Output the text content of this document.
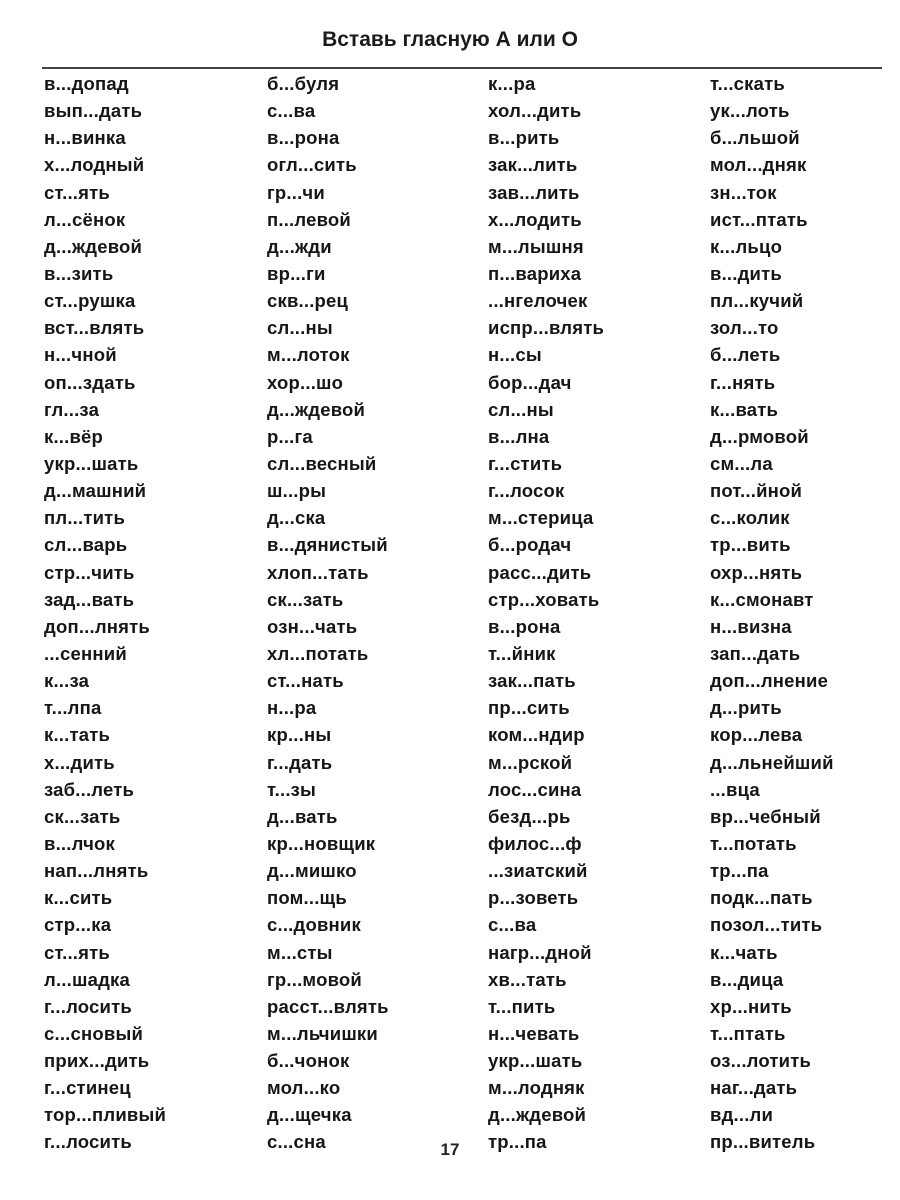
Вставь гласную А или О
в...допад	б...буля	к...ра	т...скать
вып...дать	с...ва	хол...дить	ук...лоть
н...винка	в...рона	в...рить	б...льшой
х...лодный	огл...сить	зак...лить	мол...дняк
ст...ять	гр...чи	зав...лить	зн...ток
л...сёнок	п...левой	х...лодить	ист...птать
д...ждевой	д...жди	м...лышня	к...льцо
в...зить	вр...ги	п...вариха	в...дить
ст...рушка	скв...рец	...нгелочек	пл...кучий
вст...влять	сл...ны	испр...влять	зол...то
н...чной	м...лоток	н...сы	б...леть
оп...здать	хор...шо	бор...дач	г...нять
гл...за	д...ждевой	сл...ны	к...вать
к...вёр	р...га	в...лна	д...рмовой
укр...шать	сл...весный	г...стить	см...ла
д...машний	ш...ры	г...лосок	пот...йной
пл...тить	д...ска	м...стерица	с...колик
сл...варь	в...дянистый	б...родач	тр...вить
стр...чить	хлоп...тать	расс...дить	охр...нять
зад...вать	ск...зать	стр...ховать	к...смонавт
доп...лнять	озн...чать	в...рона	н...визна
...сенний	хл...потать	т...йник	зап...дать
к...за	ст...нать	зак...пать	доп...лнение
т...лпа	н...ра	пр...сить	д...рить
к...тать	кр...ны	ком...ндир	кор...лева
х...дить	г...дать	м...рской	д...льнейший
заб...леть	т...зы	лос...сина	...вца
ск...зать	д...вать	безд...рь	вр...чебный
в...лчок	кр...новщик	филос...ф	т...потать
нап...лнять	д...мишко	...зиатский	тр...па
к...сить	пом...щь	р...зоветь	подк...пать
стр...ка	с...довник	с...ва	позол...тить
ст...ять	м...сты	нагр...дной	к...чать
л...шадка	гр...мовой	хв...тать	в...дица
г...лосить	расст...влять	т...пить	хр...нить
с...сновый	м...льчишки	н...чевать	т...птать
прих...дить	б...чонок	укр...шать	оз...лотить
г...стинец	мол...ко	м...лодняк	наг...дать
тор...пливый	д...щечка	д...ждевой	вд...ли
г...лосить	с...сна	тр...па	пр...витель
17
